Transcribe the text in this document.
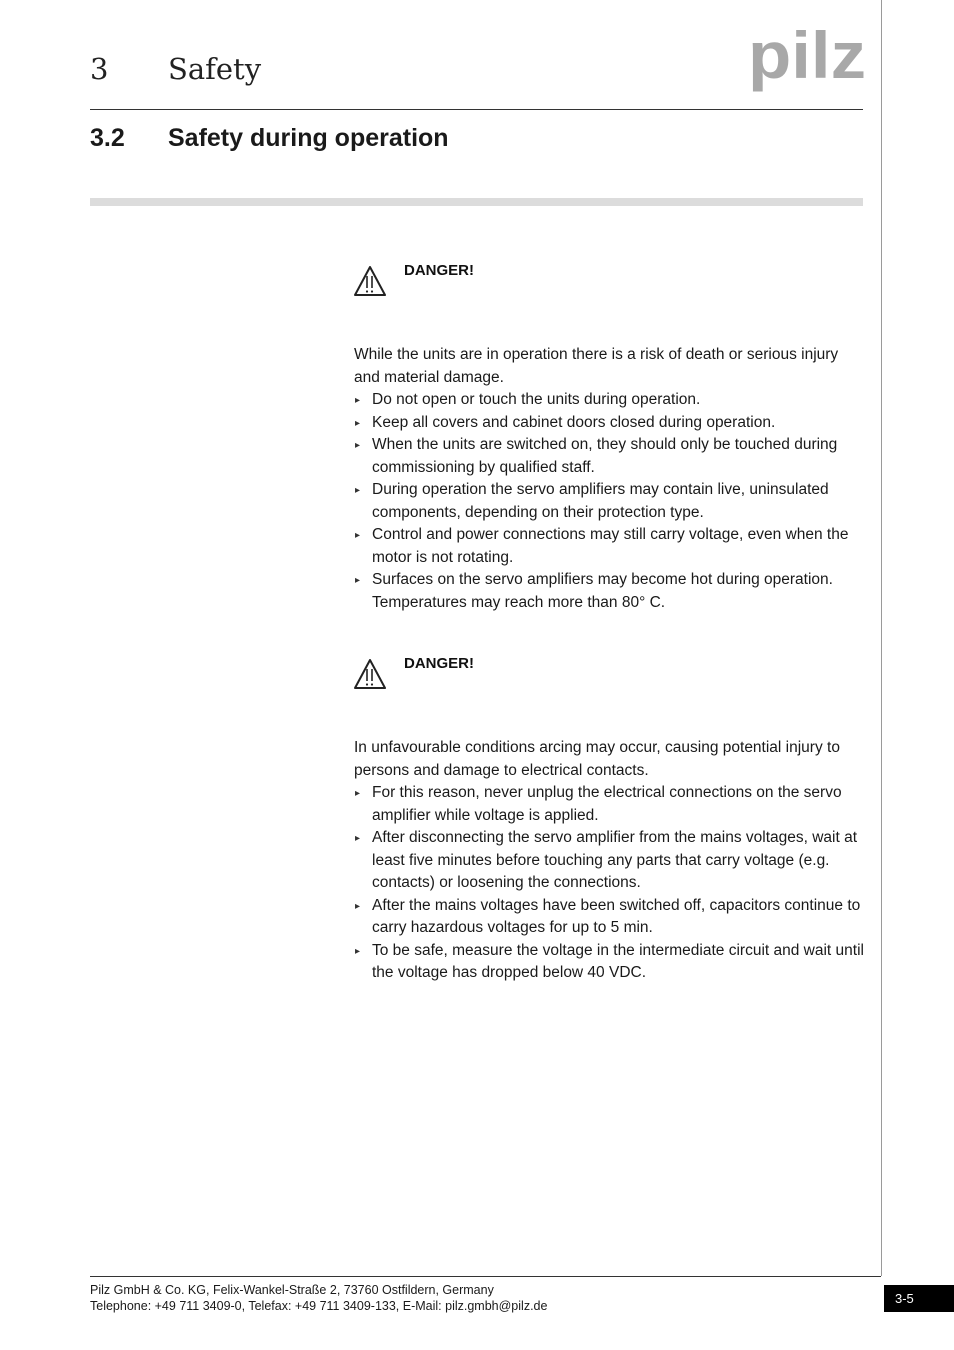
3 Safety	pilz
3.2 Safety during operation
DANGER!

While the units are in operation there is a risk of death or serious injury and material damage.

▸ Do not open or touch the units during operation.
▸ Keep all covers and cabinet doors closed during operation.
▸ When the units are switched on, they should only be touched during commissioning by qualified staff.
▸ During operation the servo amplifiers may contain live, uninsulated components, depending on their protection type.
▸ Control and power connections may still carry voltage, even when the motor is not rotating.
▸ Surfaces on the servo amplifiers may become hot during operation. Temperatures may reach more than 80° C.
DANGER!

In unfavourable conditions arcing may occur, causing potential injury to persons and damage to electrical contacts.

▸ For this reason, never unplug the electrical connections on the servo amplifier while voltage is applied.
▸ After disconnecting the servo amplifier from the mains voltages, wait at least five minutes before touching any parts that carry voltage (e.g. contacts) or loosening the connections.
▸ After the mains voltages have been switched off, capacitors continue to carry hazardous voltages for up to 5 min.
▸ To be safe, measure the voltage in the intermediate circuit and wait until the voltage has dropped below 40 VDC.
Pilz GmbH & Co. KG, Felix-Wankel-Straße 2, 73760 Ostfildern, Germany
Telephone: +49 711 3409-0, Telefax: +49 711 3409-133, E-Mail: pilz.gmbh@pilz.de	3-5
